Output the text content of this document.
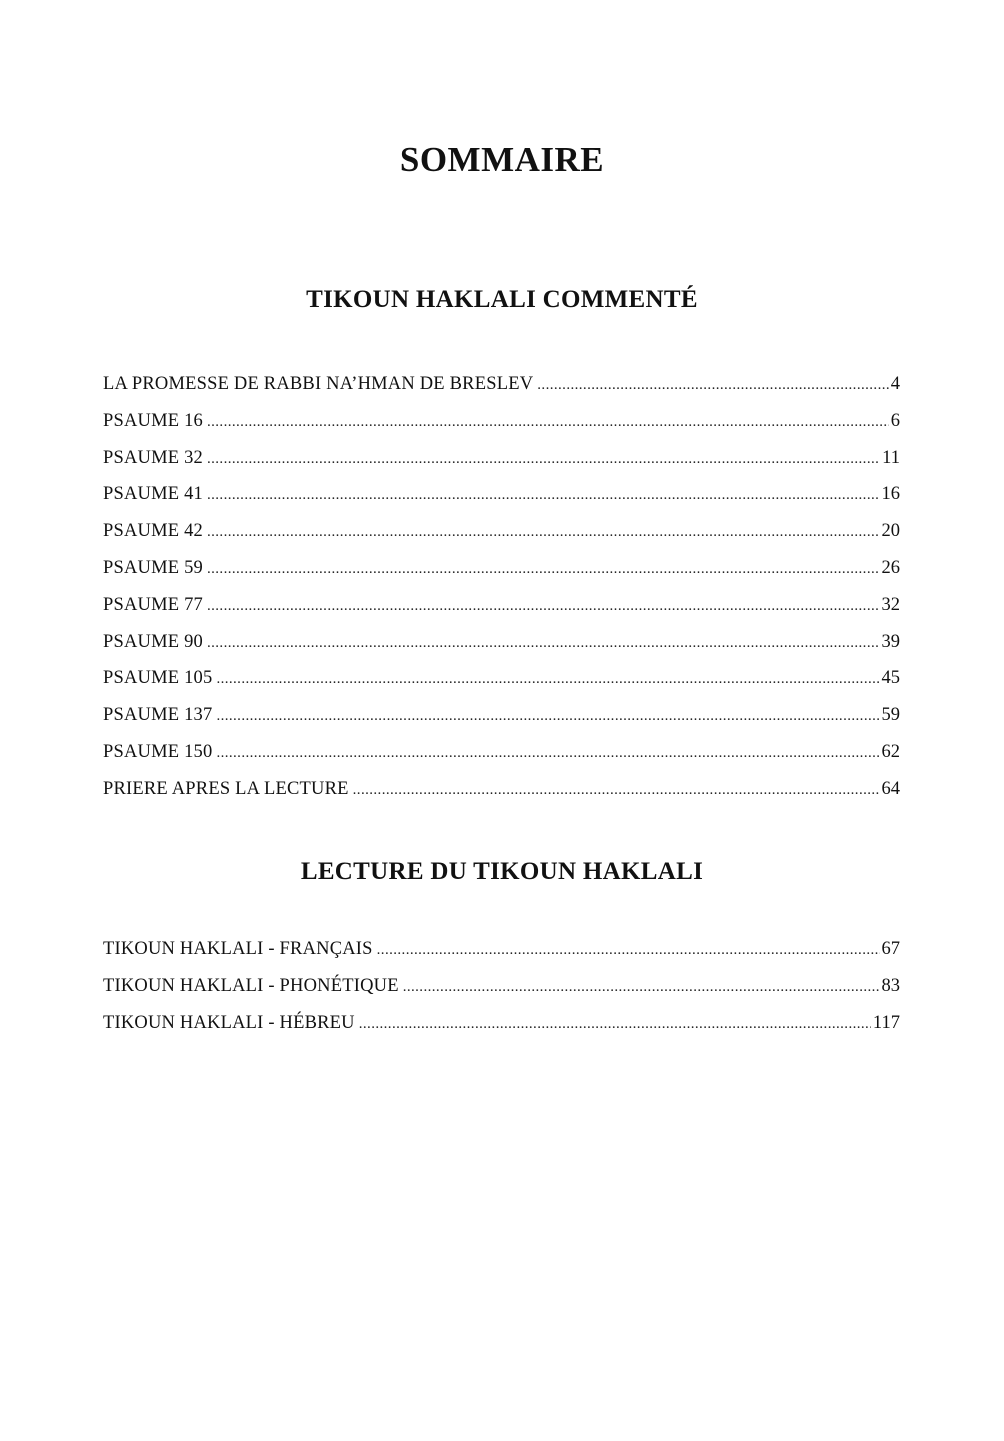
SOMMAIRE
TIKOUN HAKLALI COMMENTÉ
LA PROMESSE DE RABBI NA’HMAN DE BRESLEV .....	4
PSAUME 16 .....	6
PSAUME 32 .....	11
PSAUME 41 .....	16
PSAUME 42 .....	20
PSAUME 59 .....	26
PSAUME 77 .....	32
PSAUME 90 .....	39
PSAUME 105 .....	45
PSAUME 137 .....	59
PSAUME 150 .....	62
PRIERE APRES LA LECTURE .....	64
LECTURE DU TIKOUN HAKLALI
TIKOUN HAKLALI - FRANÇAIS .....	67
TIKOUN HAKLALI - PHONÉTIQUE .....	83
TIKOUN HAKLALI - HÉBREU .....	117
